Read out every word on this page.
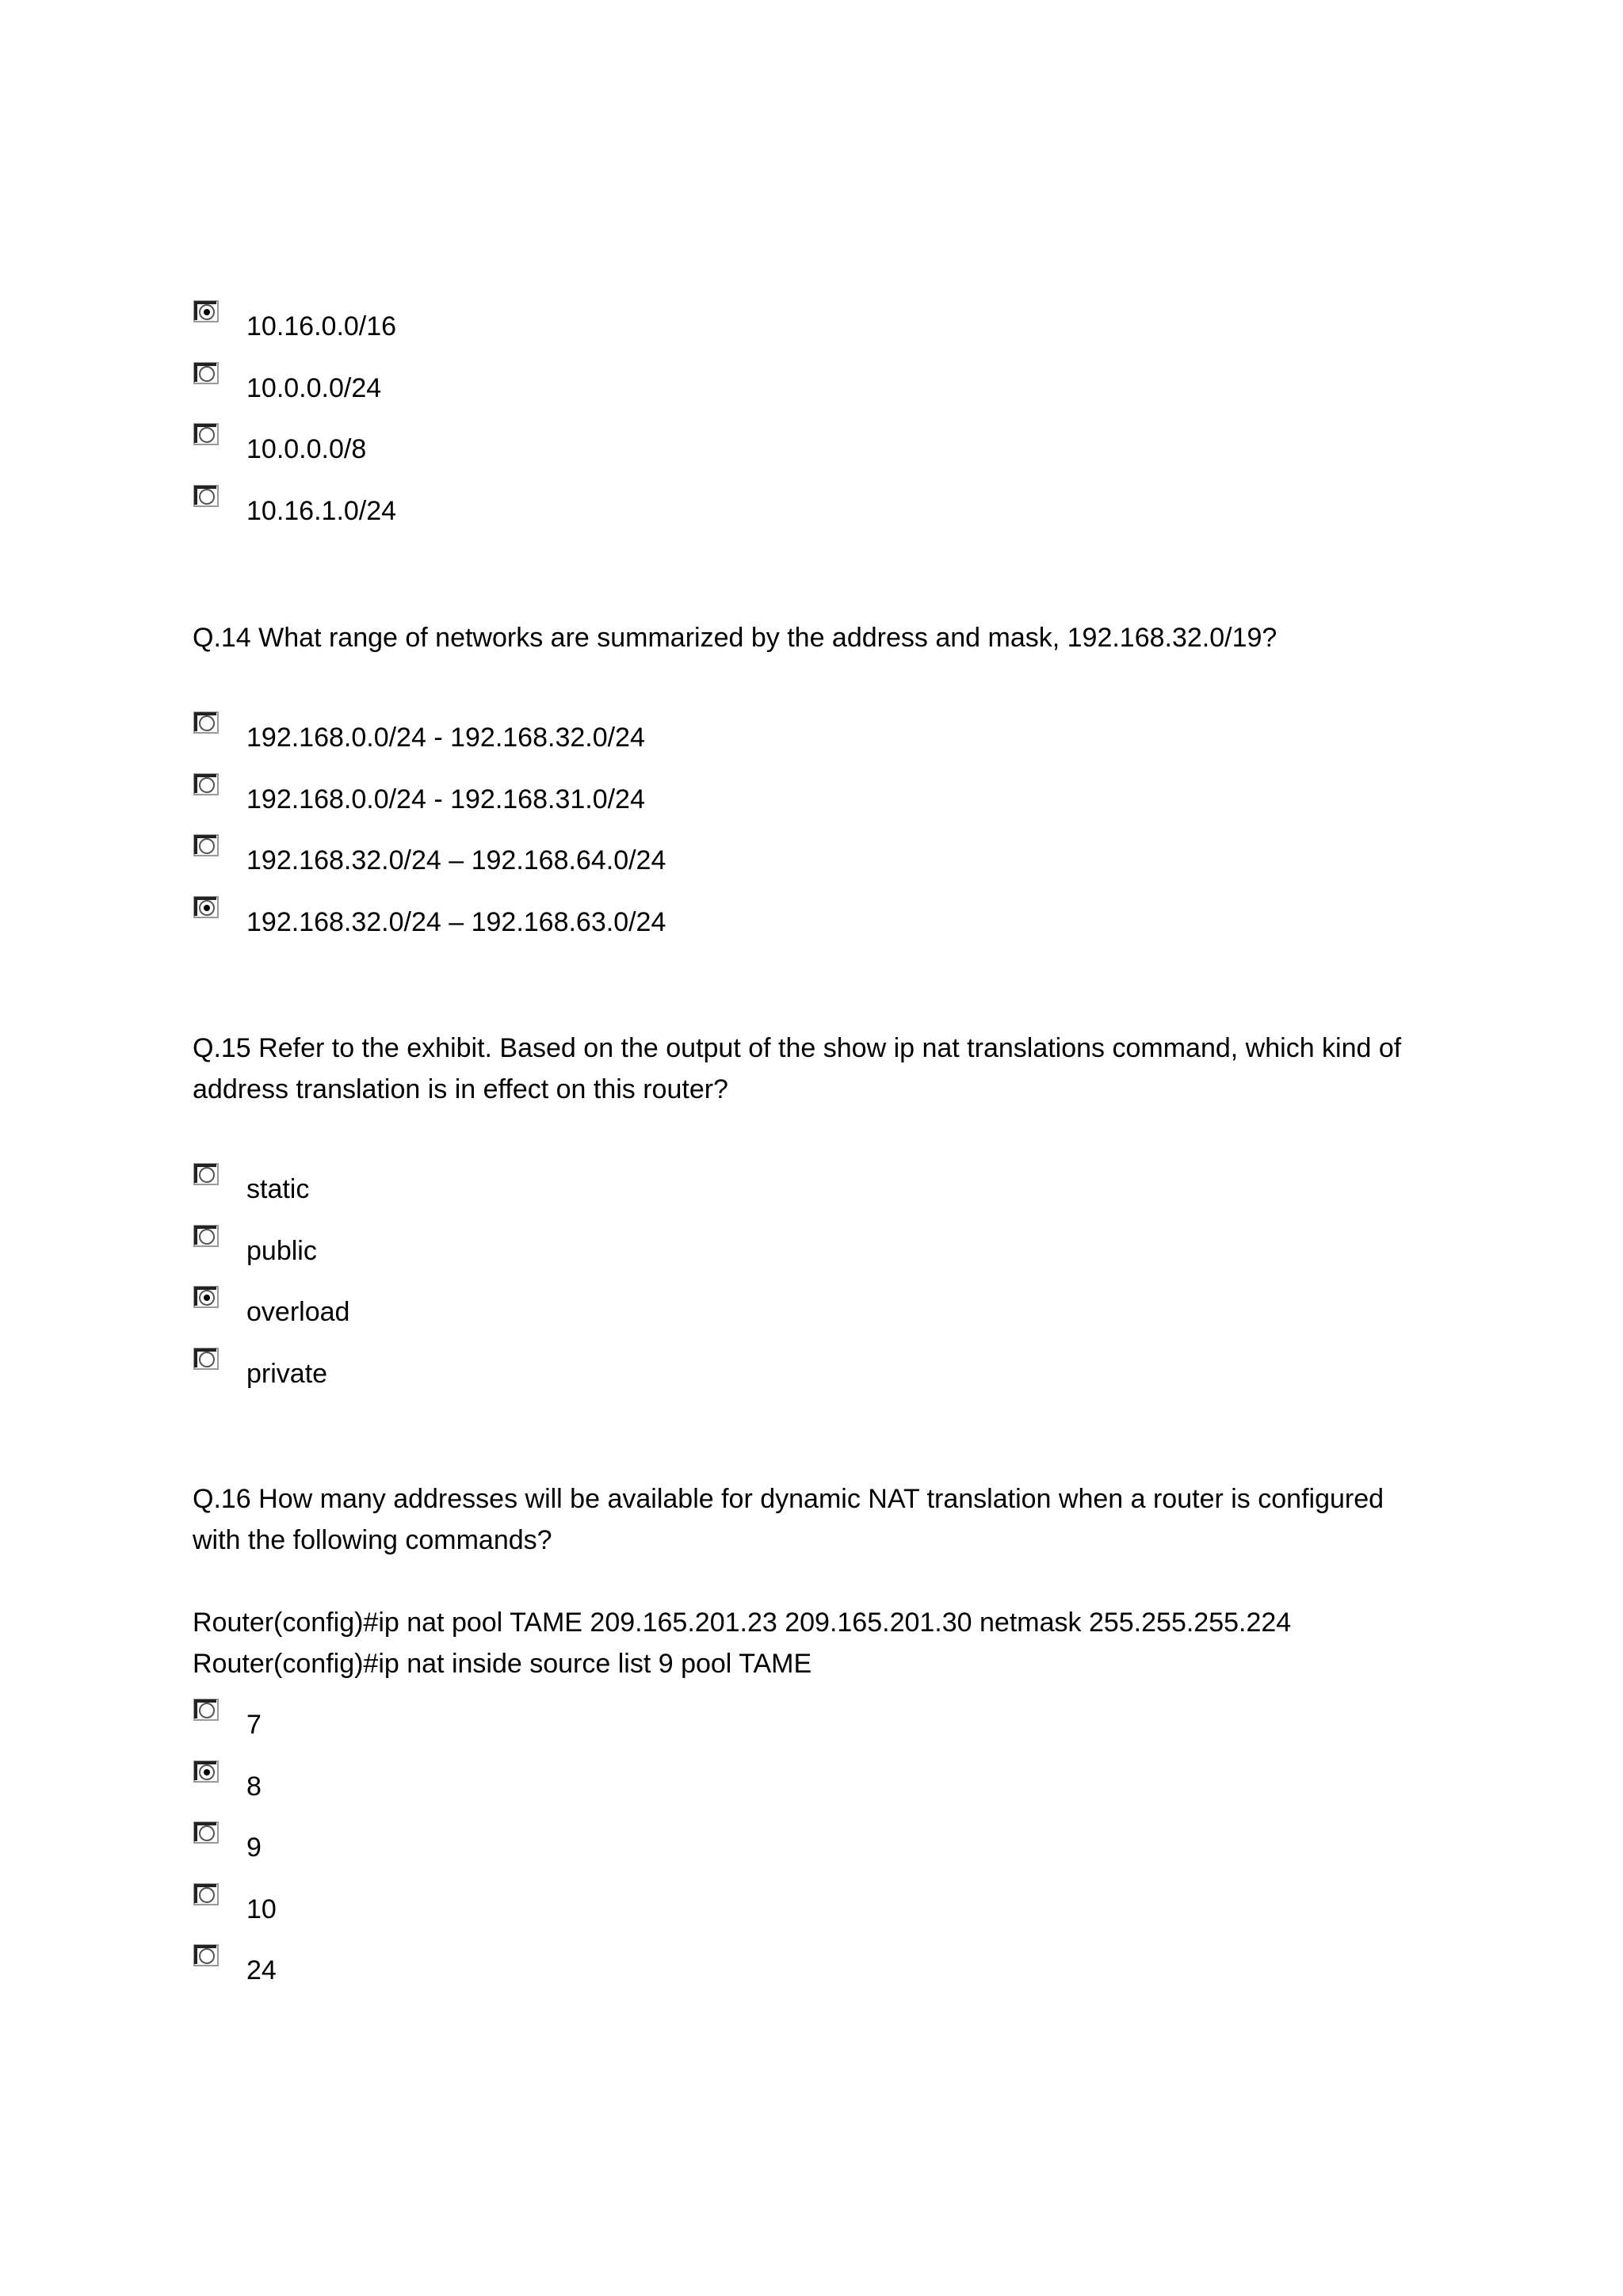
10.16.0.0/16
10.0.0.0/24
10.0.0.0/8
10.16.1.0/24
Q.14 What range of networks are summarized by the address and mask, 192.168.32.0/19?
192.168.0.0/24 - 192.168.32.0/24
192.168.0.0/24 - 192.168.31.0/24
192.168.32.0/24 – 192.168.64.0/24
192.168.32.0/24 – 192.168.63.0/24
Q.15 Refer to the exhibit. Based on the output of the show ip nat translations command, which kind of
address translation is in effect on this router?
static
public
overload
private
Q.16 How many addresses will be available for dynamic NAT translation when a router is configured
with the following commands?
Router(config)#ip nat pool TAME 209.165.201.23 209.165.201.30 netmask 255.255.255.224
Router(config)#ip nat inside source list 9 pool TAME
7
8
9
10
24
